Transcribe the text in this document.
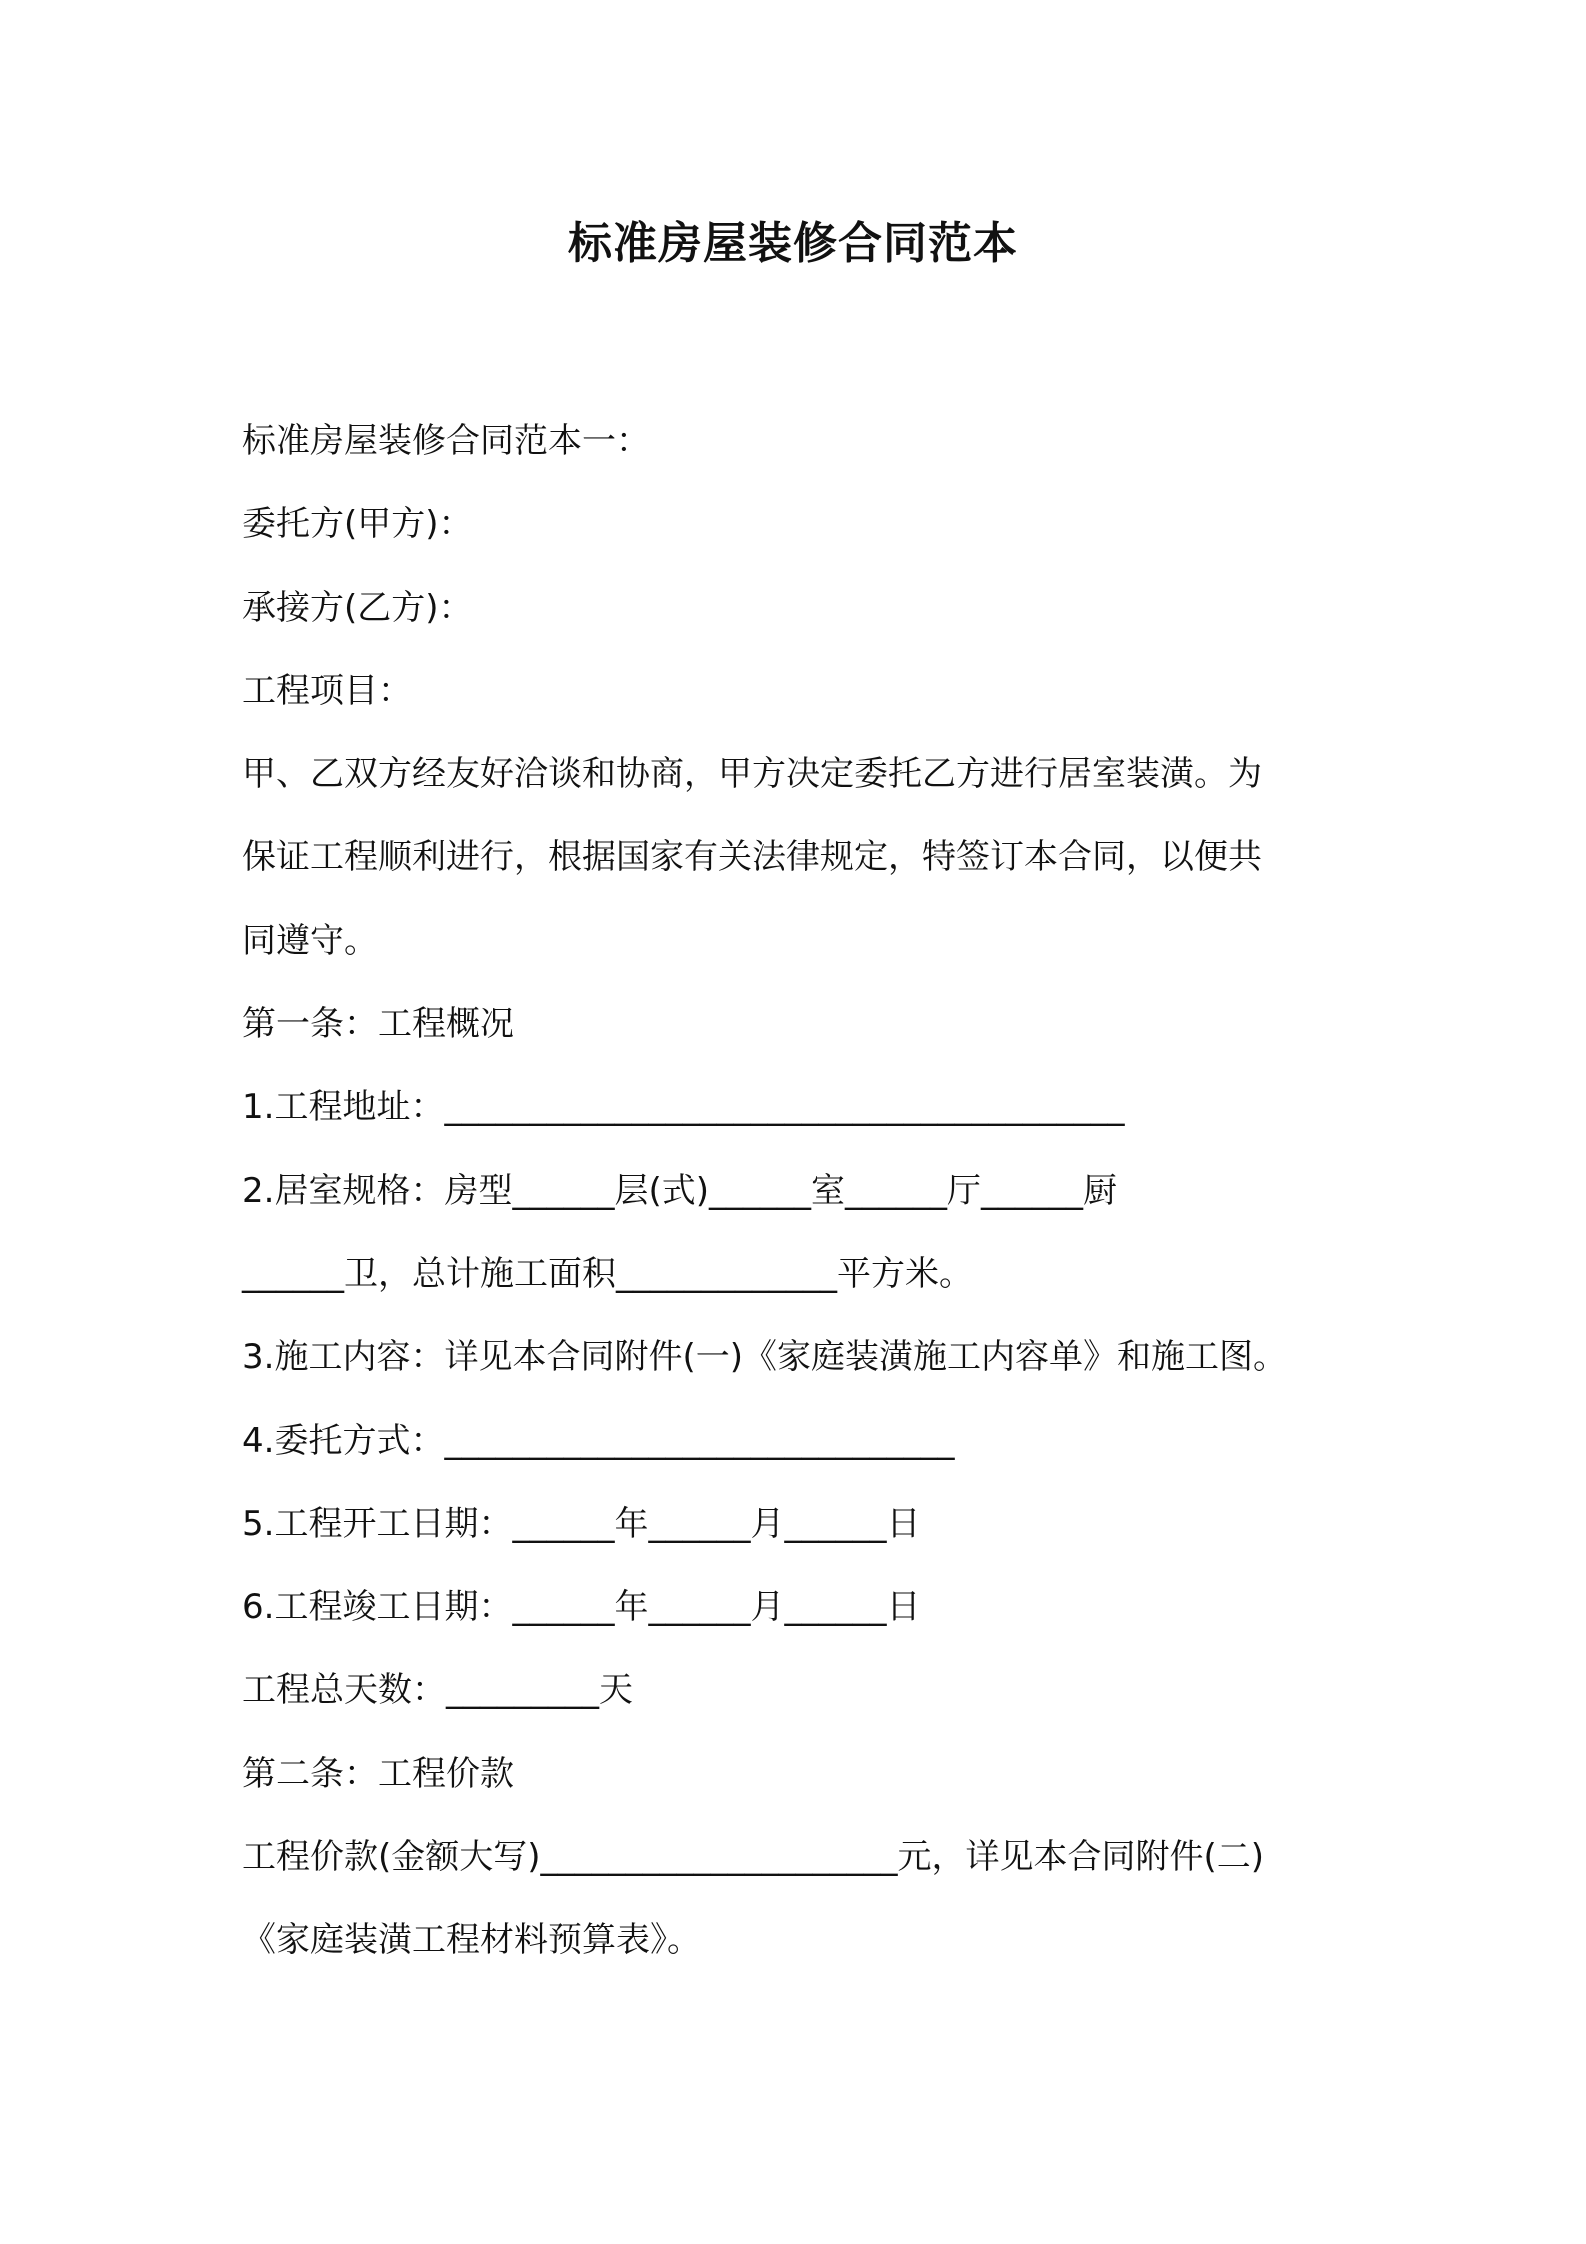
标准房屋装修合同范本
标准房屋装修合同范本一：
委托方(甲方)：
承接方(乙方)：
工程项目：
甲、乙双方经友好洽谈和协商，甲方决定委托乙方进行居室装潢。为
保证工程顺利进行，根据国家有关法律规定，特签订本合同，以便共
同遵守。
第一条：工程概况
1.工程地址：________________________________________
2.居室规格：房型______层(式)______室______厅______厨
______卫，总计施工面积_____________平方米。
3.施工内容：详见本合同附件(一)《家庭装潢施工内容单》和施工图。
4.委托方式：______________________________
5.工程开工日期：______年______月______日
6.工程竣工日期：______年______月______日
工程总天数：_________天
第二条：工程价款
工程价款(金额大写)_____________________元，详见本合同附件(二)
《家庭装潢工程材料预算表》。
